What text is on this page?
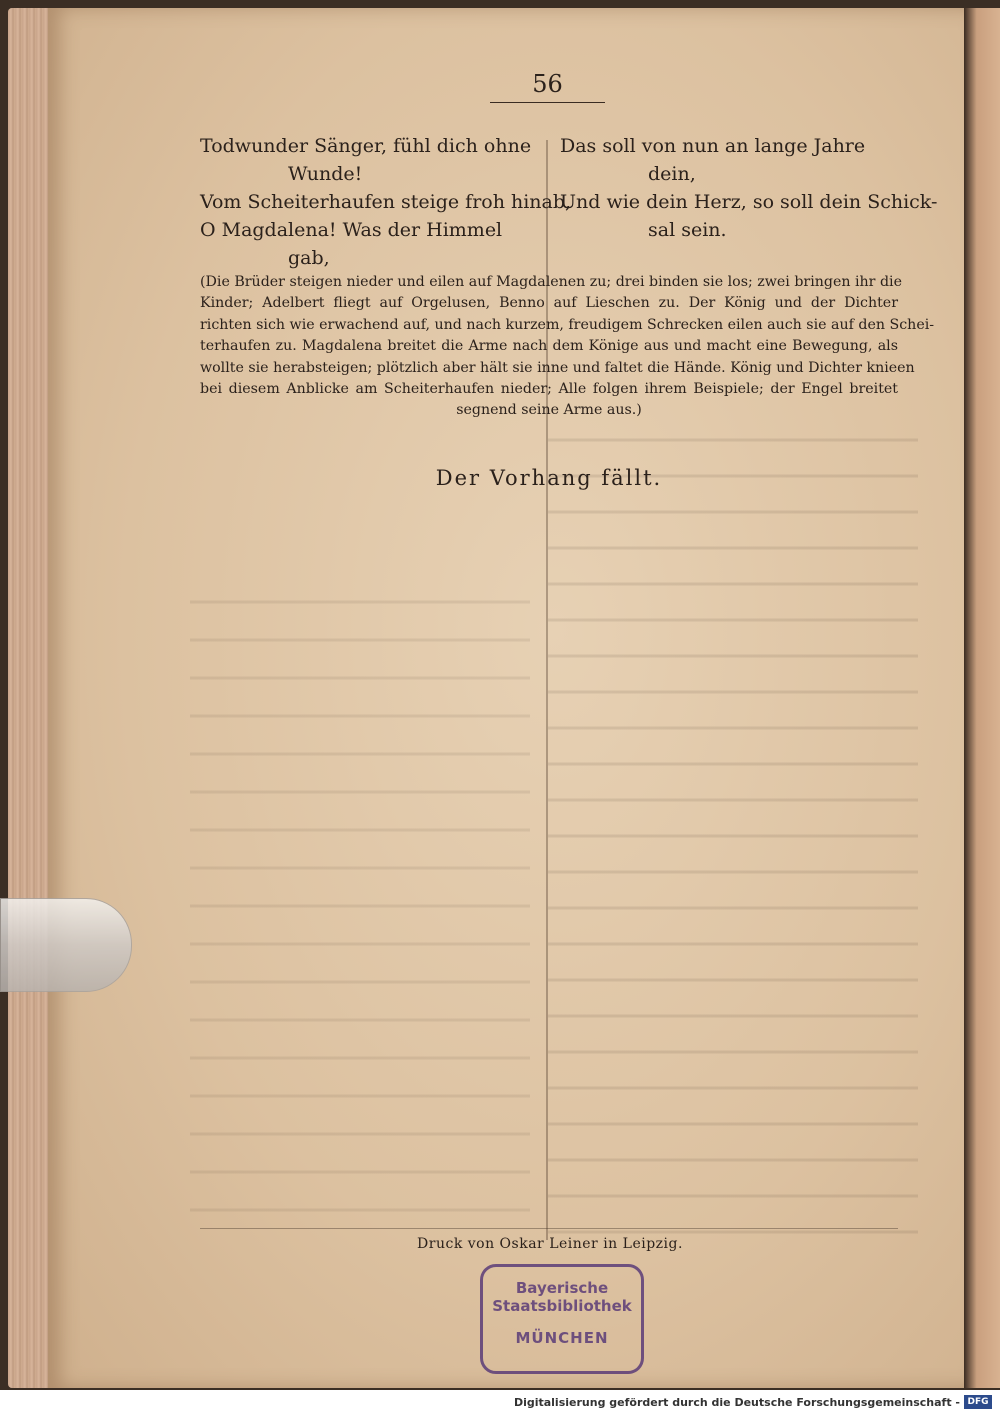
56
Todwunder Sänger, fühl dich ohne
Wunde!
Vom Scheiterhaufen steige froh hinab,
O Magdalena! Was der Himmel
gab,
Das soll von nun an lange Jahre
dein,
Und wie dein Herz, so soll dein Schick-
sal sein.
(Die Brüder steigen nieder und eilen auf Magdalenen zu; drei binden sie los; zwei bringen ihr die
Kinder; Adelbert fliegt auf Orgelusen, Benno auf Lieschen zu. Der König und der Dichter
richten sich wie erwachend auf, und nach kurzem, freudigem Schrecken eilen auch sie auf den Schei-
terhaufen zu. Magdalena breitet die Arme nach dem Könige aus und macht eine Bewegung, als
wollte sie herabsteigen; plötzlich aber hält sie inne und faltet die Hände. König und Dichter knieen
bei diesem Anblicke am Scheiterhaufen nieder; Alle folgen ihrem Beispiele; der Engel breitet
segnend seine Arme aus.)
Der Vorhang fällt.
Druck von Oskar Leiner in Leipzig.
Bayerische
Staatsbibliothek
MÜNCHEN
Digitalisierung gefördert durch die Deutsche Forschungsgemeinschaft - DFG
